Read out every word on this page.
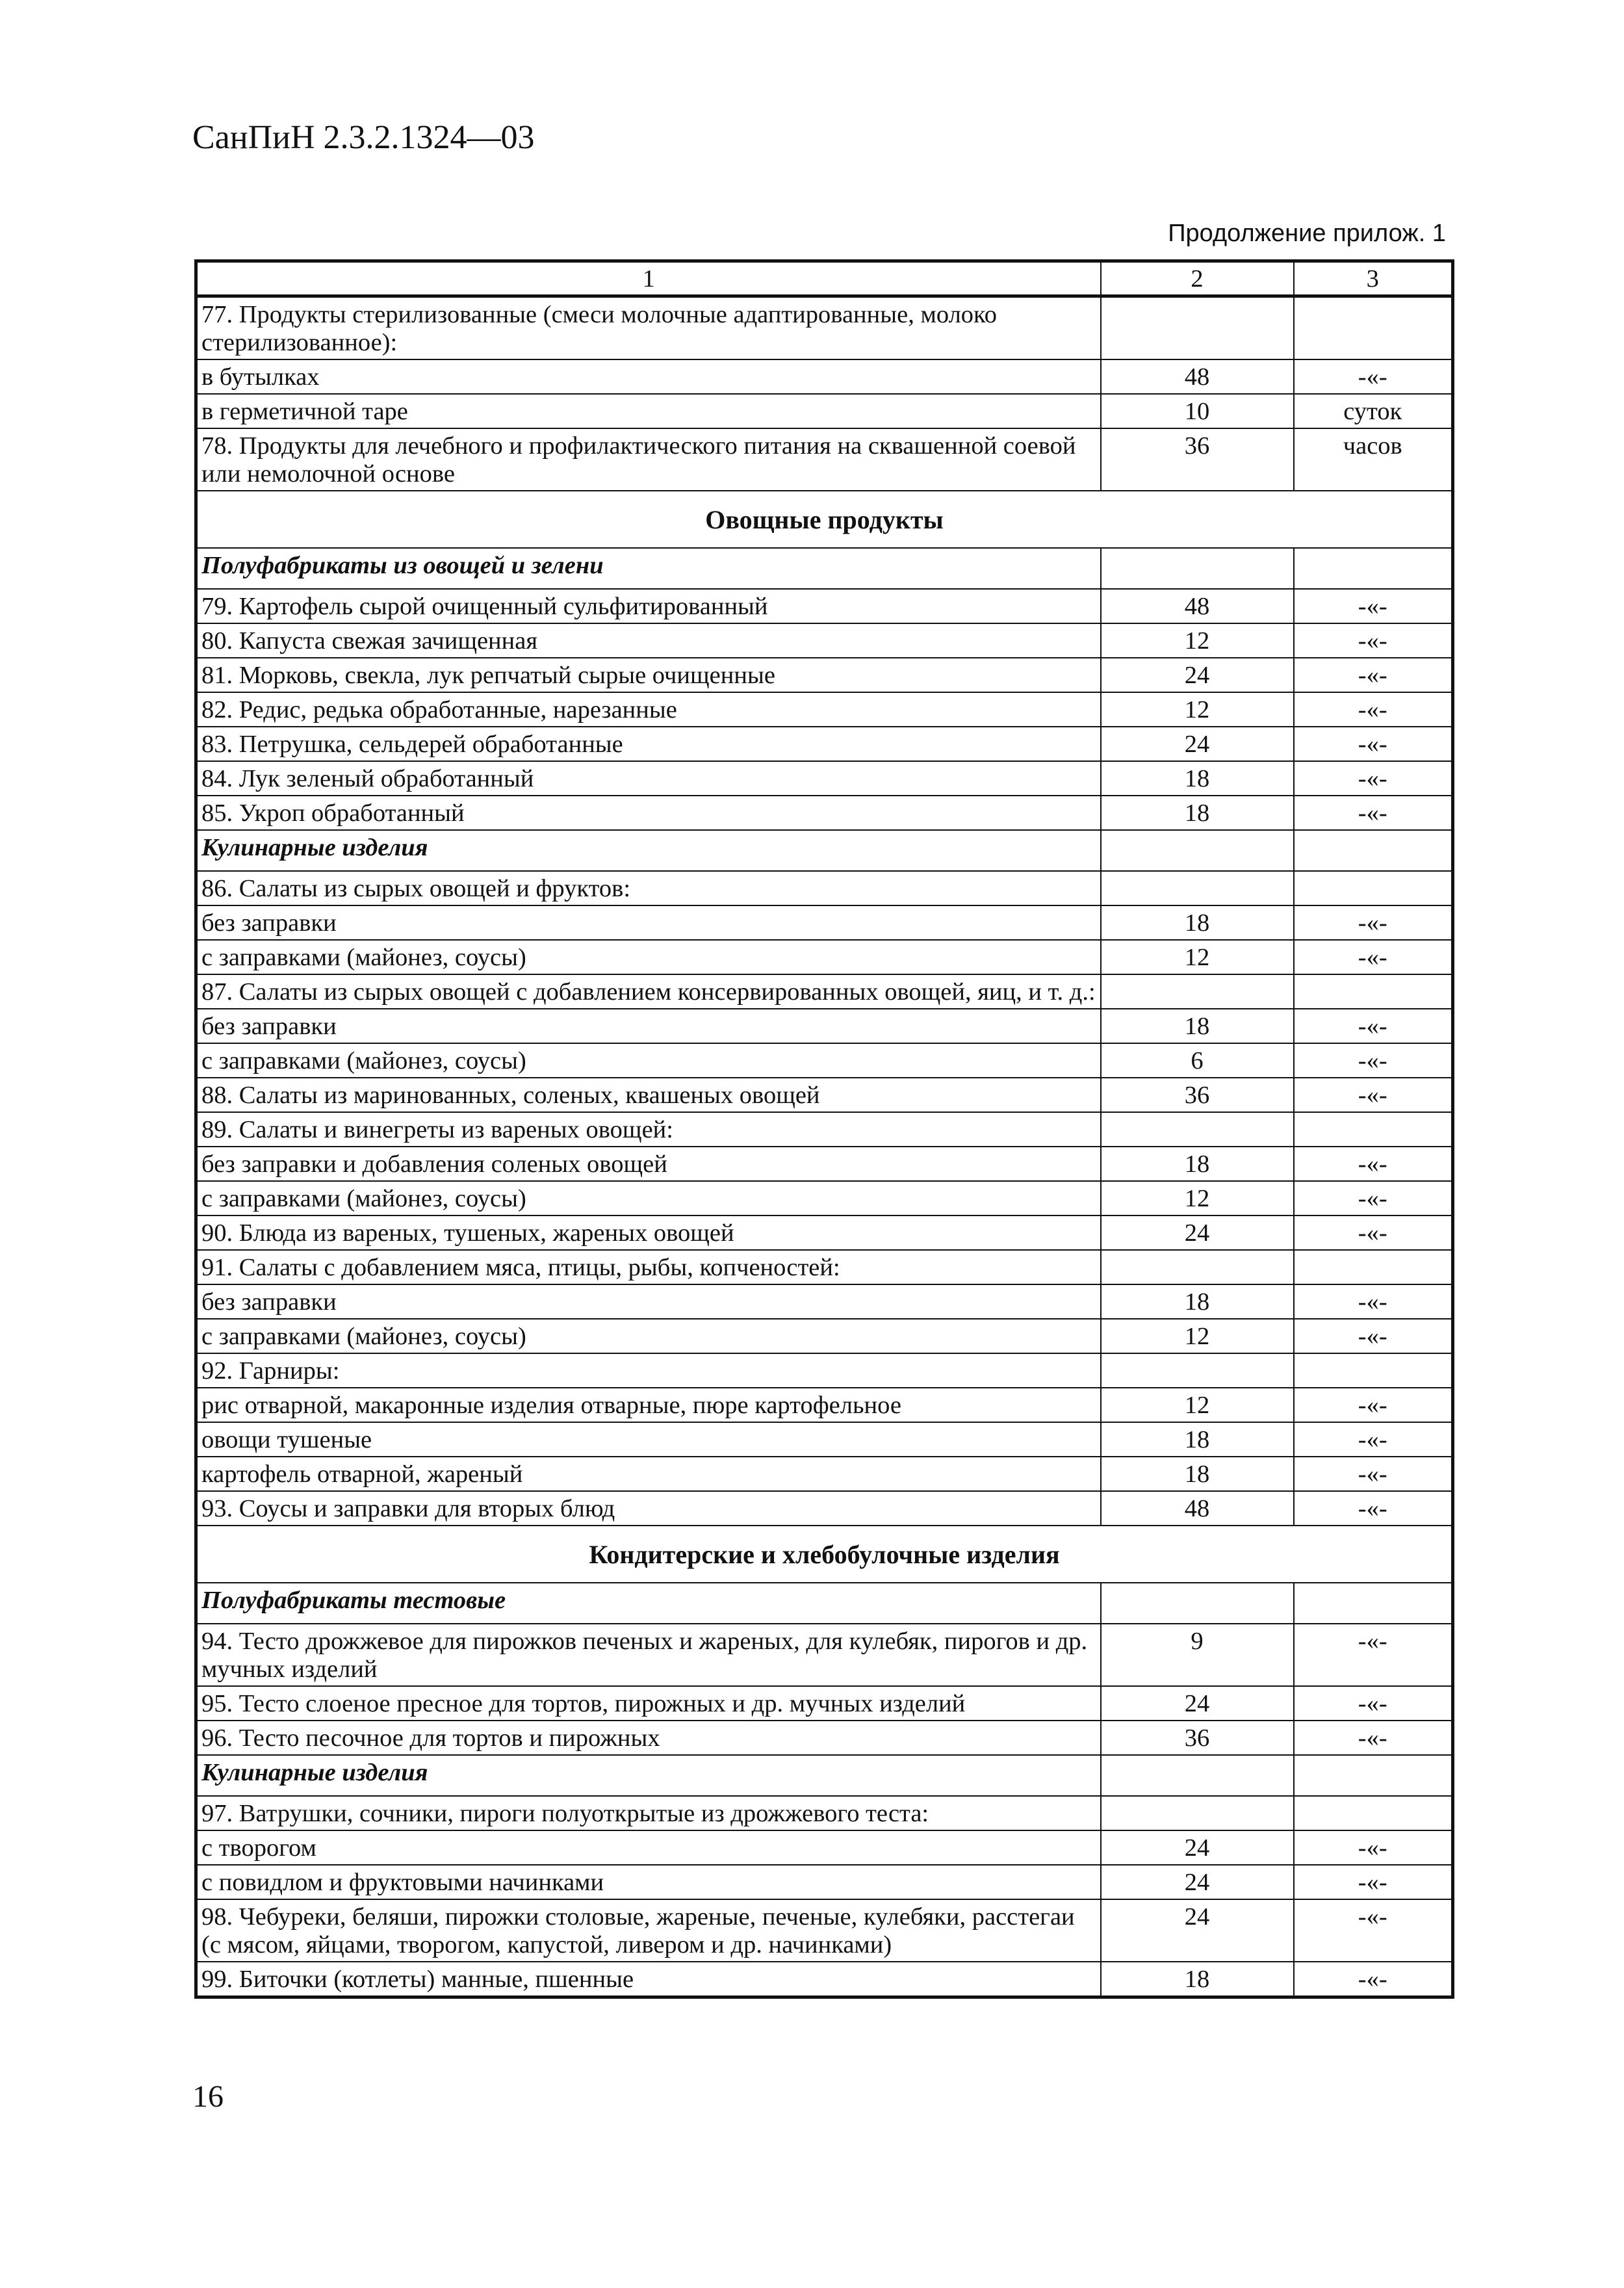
СанПиН 2.3.2.1324—03
Продолжение прилож. 1
1	2	3
77. Продукты стерилизованные (смеси молочные адаптированные, молоко стерилизованное):		
в бутылках	48	-«-
в герметичной таре	10	суток
78. Продукты для лечебного и профилактического питания на сквашенной соевой или немолочной основе	36	часов
Овощные продукты		
Полуфабрикаты из овощей и зелени		
79. Картофель сырой очищенный сульфитированный	48	-«-
80. Капуста свежая зачищенная	12	-«-
81. Морковь, свекла, лук репчатый сырые очищенные	24	-«-
82. Редис, редька обработанные, нарезанные	12	-«-
83. Петрушка, сельдерей обработанные	24	-«-
84. Лук зеленый обработанный	18	-«-
85. Укроп обработанный	18	-«-
Кулинарные изделия		
86. Салаты из сырых овощей и фруктов:		
без заправки	18	-«-
с заправками (майонез, соусы)	12	-«-
87. Салаты из сырых овощей с добавлением консервированных овощей, яиц, и т. д.:		
без заправки	18	-«-
с заправками (майонез, соусы)	6	-«-
88. Салаты из маринованных, соленых, квашеных овощей	36	-«-
89. Салаты и винегреты из вареных овощей:		
без заправки и добавления соленых овощей	18	-«-
с заправками (майонез, соусы)	12	-«-
90. Блюда из вареных, тушеных, жареных овощей	24	-«-
91. Салаты с добавлением мяса, птицы, рыбы, копченостей:		
без заправки	18	-«-
с заправками (майонез, соусы)	12	-«-
92. Гарниры:		
рис отварной, макаронные изделия отварные, пюре картофельное	12	-«-
овощи тушеные	18	-«-
картофель отварной, жареный	18	-«-
93. Соусы и заправки для вторых блюд	48	-«-
Кондитерские и хлебобулочные изделия		
Полуфабрикаты тестовые		
94. Тесто дрожжевое для пирожков печеных и жареных, для кулебяк, пирогов и др. мучных изделий	9	-«-
95. Тесто слоеное пресное для тортов, пирожных и др. мучных изделий	24	-«-
96. Тесто песочное для тортов и пирожных	36	-«-
Кулинарные изделия		
97. Ватрушки, сочники, пироги полуоткрытые из дрожжевого теста:		
с творогом	24	-«-
с повидлом и фруктовыми начинками	24	-«-
98. Чебуреки, беляши, пирожки столовые, жареные, печеные, кулебяки, расстегаи (с мясом, яйцами, творогом, капустой, ливером и др. начинками)	24	-«-
99. Биточки (котлеты) манные, пшенные	18	-«-
16
